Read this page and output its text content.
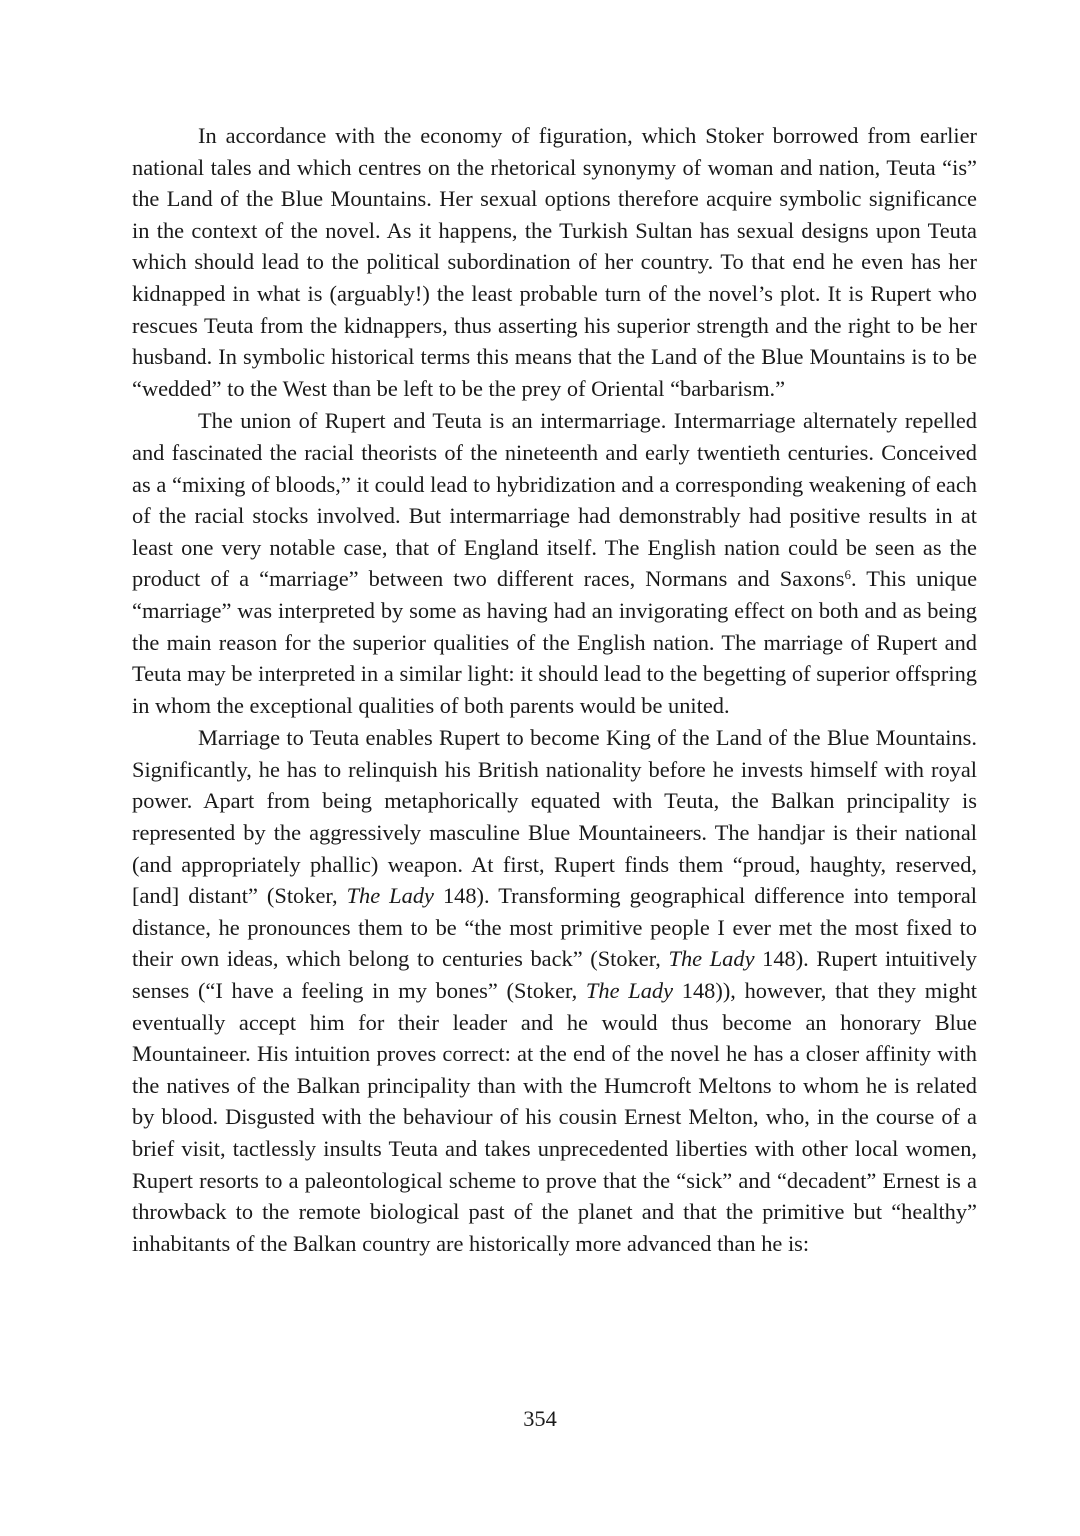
In accordance with the economy of figuration, which Stoker borrowed from earlier national tales and which centres on the rhetorical synonymy of woman and nation, Teuta “is” the Land of the Blue Mountains. Her sexual options therefore acquire symbolic significance in the context of the novel. As it happens, the Turkish Sultan has sexual designs upon Teuta which should lead to the political subordination of her country. To that end he even has her kidnapped in what is (arguably!) the least probable turn of the novel’s plot. It is Rupert who rescues Teuta from the kidnappers, thus asserting his superior strength and the right to be her husband. In symbolic historical terms this means that the Land of the Blue Mountains is to be “wedded” to the West than be left to be the prey of Oriental “barbarism.”

The union of Rupert and Teuta is an intermarriage. Intermarriage alternately repelled and fascinated the racial theorists of the nineteenth and early twentieth centuries. Conceived as a “mixing of bloods,” it could lead to hybridization and a corresponding weakening of each of the racial stocks involved. But intermarriage had demonstrably had positive results in at least one very notable case, that of England itself. The English nation could be seen as the product of a “marriage” between two different races, Normans and Saxons$^6$. This unique “marriage” was interpreted by some as having had an invigorating effect on both and as being the main reason for the superior qualities of the English nation. The marriage of Rupert and Teuta may be interpreted in a similar light: it should lead to the begetting of superior offspring in whom the exceptional qualities of both parents would be united.

Marriage to Teuta enables Rupert to become King of the Land of the Blue Mountains. Significantly, he has to relinquish his British nationality before he invests himself with royal power. Apart from being metaphorically equated with Teuta, the Balkan principality is represented by the aggressively masculine Blue Mountaineers. The handjar is their national (and appropriately phallic) weapon. At first, Rupert finds them “proud, haughty, reserved, [and] distant” (Stoker, The Lady 148). Transforming geographical difference into temporal distance, he pronounces them to be “the most primitive people I ever met the most fixed to their own ideas, which belong to centuries back” (Stoker, The Lady 148). Rupert intuitively senses (“I have a feeling in my bones” (Stoker, The Lady 148)), however, that they might eventually accept him for their leader and he would thus become an honorary Blue Mountaineer. His intuition proves correct: at the end of the novel he has a closer affinity with the natives of the Balkan principality than with the Humcroft Meltons to whom he is related by blood. Disgusted with the behaviour of his cousin Ernest Melton, who, in the course of a brief visit, tactlessly insults Teuta and takes unprecedented liberties with other local women, Rupert resorts to a paleontological scheme to prove that the “sick” and “decadent” Ernest is a throwback to the remote biological past of the planet and that the primitive but “healthy” inhabitants of the Balkan country are historically more advanced than he is:

354
